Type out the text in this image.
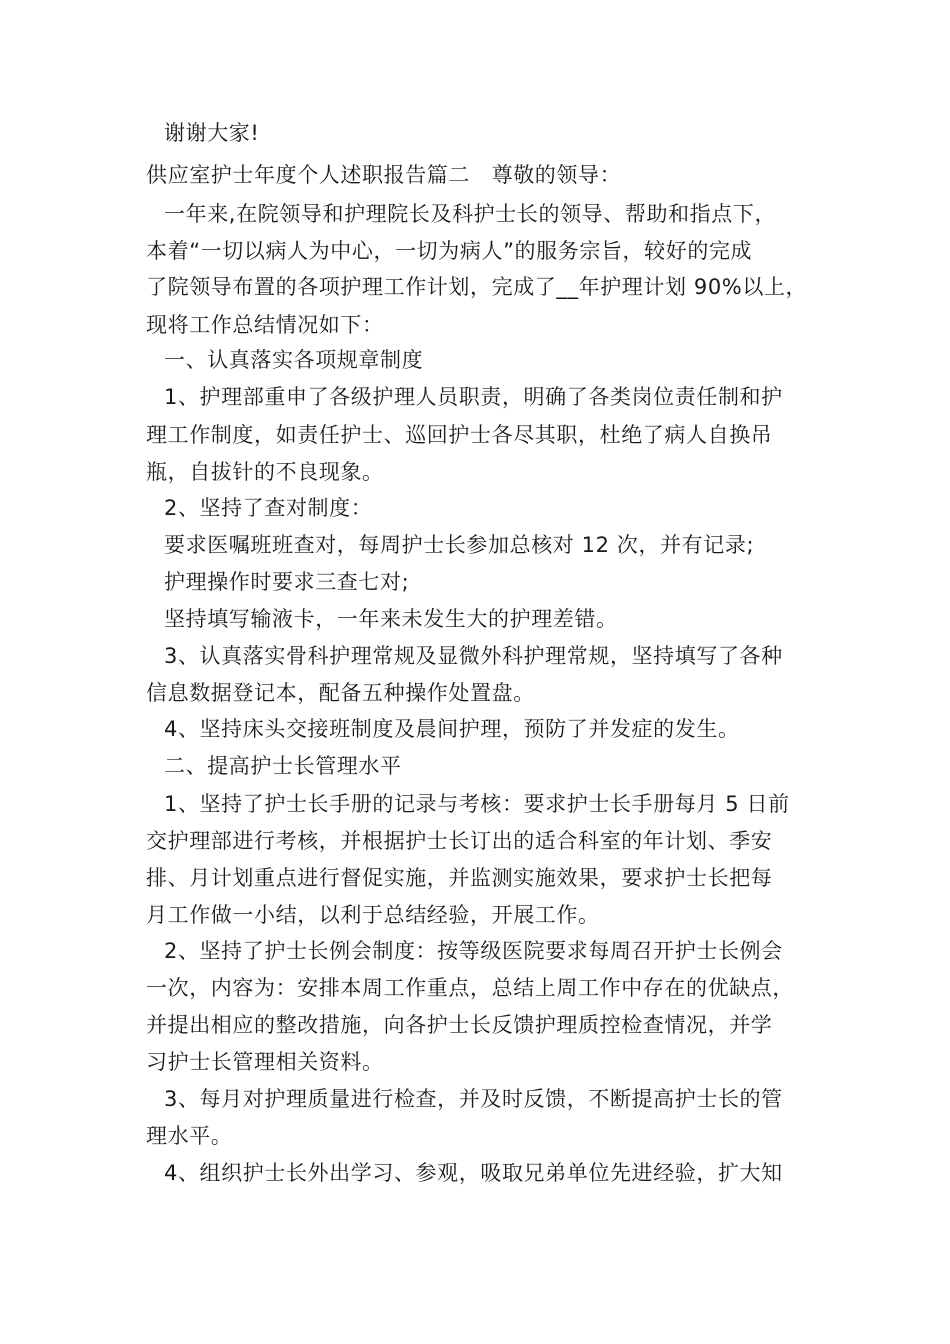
谢谢大家!
供应室护士年度个人述职报告篇二　尊敬的领导：
一年来,在院领导和护理院长及科护士长的领导、帮助和指点下，
本着“一切以病人为中心，一切为病人”的服务宗旨，较好的完成
了院领导布置的各项护理工作计划，完成了__年护理计划 90%以上，
现将工作总结情况如下：
一、认真落实各项规章制度
1、护理部重申了各级护理人员职责，明确了各类岗位责任制和护
理工作制度，如责任护士、巡回护士各尽其职，杜绝了病人自换吊
瓶，自拔针的不良现象。
2、坚持了查对制度：
要求医嘱班班查对，每周护士长参加总核对 12 次，并有记录;
护理操作时要求三查七对;
坚持填写输液卡，一年来未发生大的护理差错。
3、认真落实骨科护理常规及显微外科护理常规，坚持填写了各种
信息数据登记本，配备五种操作处置盘。
4、坚持床头交接班制度及晨间护理，预防了并发症的发生。
二、提高护士长管理水平
1、坚持了护士长手册的记录与考核：要求护士长手册每月 5 日前
交护理部进行考核，并根据护士长订出的适合科室的年计划、季安
排、月计划重点进行督促实施，并监测实施效果，要求护士长把每
月工作做一小结，以利于总结经验，开展工作。
2、坚持了护士长例会制度：按等级医院要求每周召开护士长例会
一次，内容为：安排本周工作重点，总结上周工作中存在的优缺点，
并提出相应的整改措施，向各护士长反馈护理质控检查情况，并学
习护士长管理相关资料。
3、每月对护理质量进行检查，并及时反馈，不断提高护士长的管
理水平。
4、组织护士长外出学习、参观，吸取兄弟单位先进经验，扩大知
